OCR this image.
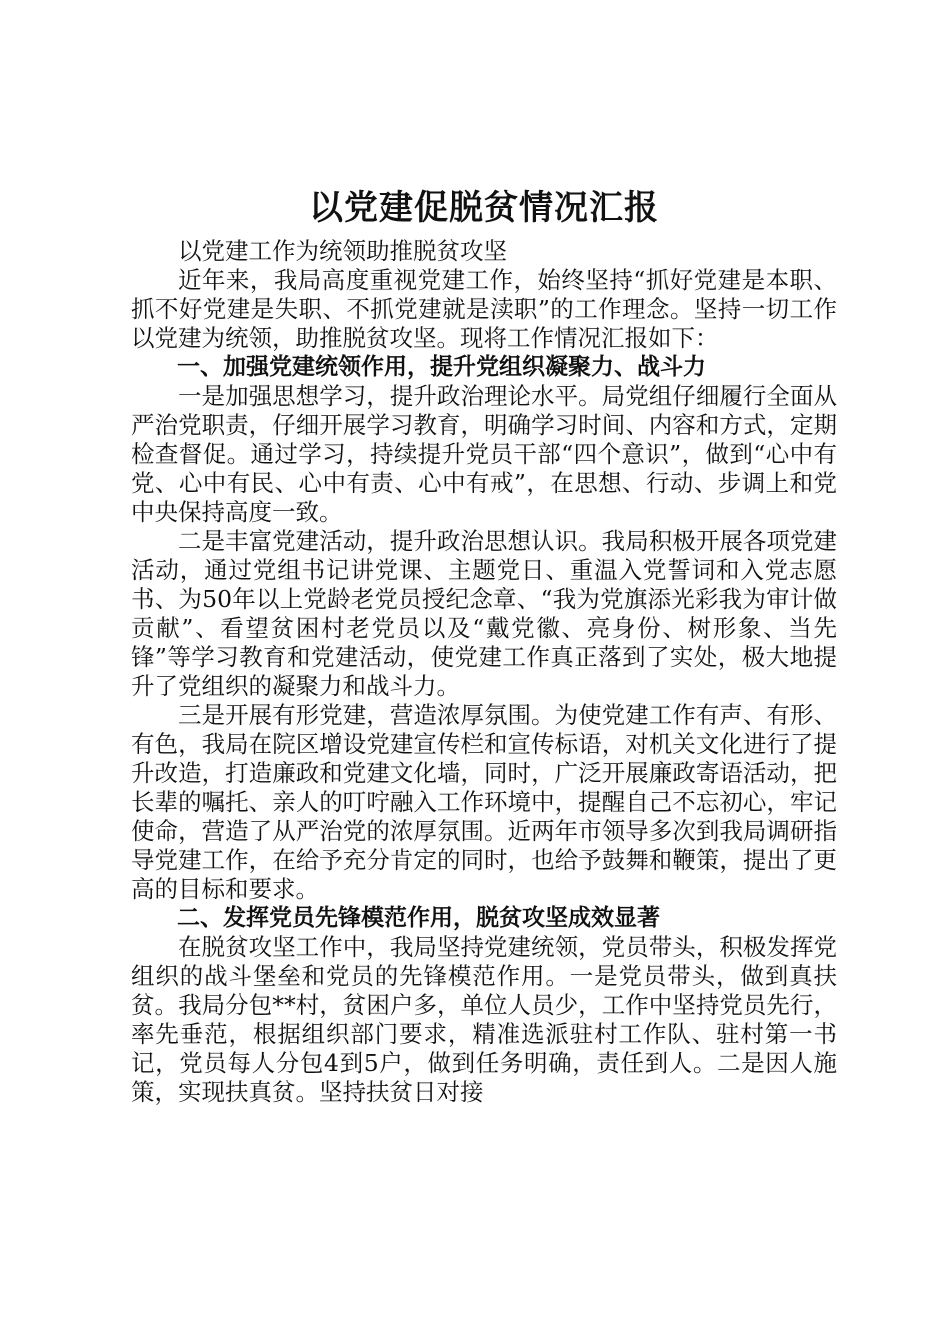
以党建促脱贫情况汇报

以党建工作为统领助推脱贫攻坚

近年来，我局高度重视党建工作，始终坚持“抓好党建是本职、抓不好党建是失职、不抓党建就是渎职”的工作理念。坚持一切工作以党建为统领，助推脱贫攻坚。现将工作情况汇报如下：

一、加强党建统领作用，提升党组织凝聚力、战斗力

一是加强思想学习，提升政治理论水平。局党组仔细履行全面从严治党职责，仔细开展学习教育，明确学习时间、内容和方式，定期检查督促。通过学习，持续提升党员干部“四个意识”，做到“心中有党、心中有民、心中有责、心中有戒”，在思想、行动、步调上和党中央保持高度一致。

二是丰富党建活动，提升政治思想认识。我局积极开展各项党建活动，通过党组书记讲党课、主题党日、重温入党誓词和入党志愿书、为50年以上党龄老党员授纪念章、“我为党旗添光彩我为审计做贡献”、看望贫困村老党员以及“戴党徽、亮身份、树形象、当先锋”等学习教育和党建活动，使党建工作真正落到了实处，极大地提升了党组织的凝聚力和战斗力。

三是开展有形党建，营造浓厚氛围。为使党建工作有声、有形、有色，我局在院区增设党建宣传栏和宣传标语，对机关文化进行了提升改造，打造廉政和党建文化墙，同时，广泛开展廉政寄语活动，把长辈的嘱托、亲人的叮咛融入工作环境中，提醒自己不忘初心，牢记使命，营造了从严治党的浓厚氛围。近两年市领导多次到我局调研指导党建工作，在给予充分肯定的同时，也给予鼓舞和鞭策，提出了更高的目标和要求。

二、发挥党员先锋模范作用，脱贫攻坚成效显著

在脱贫攻坚工作中，我局坚持党建统领，党员带头，积极发挥党组织的战斗堡垒和党员的先锋模范作用。一是党员带头，做到真扶贫。我局分包**村，贫困户多，单位人员少，工作中坚持党员先行，率先垂范，根据组织部门要求，精准选派驻村工作队、驻村第一书记，党员每人分包4到5户，做到任务明确，责任到人。二是因人施策，实现扶真贫。坚持扶贫日对接
